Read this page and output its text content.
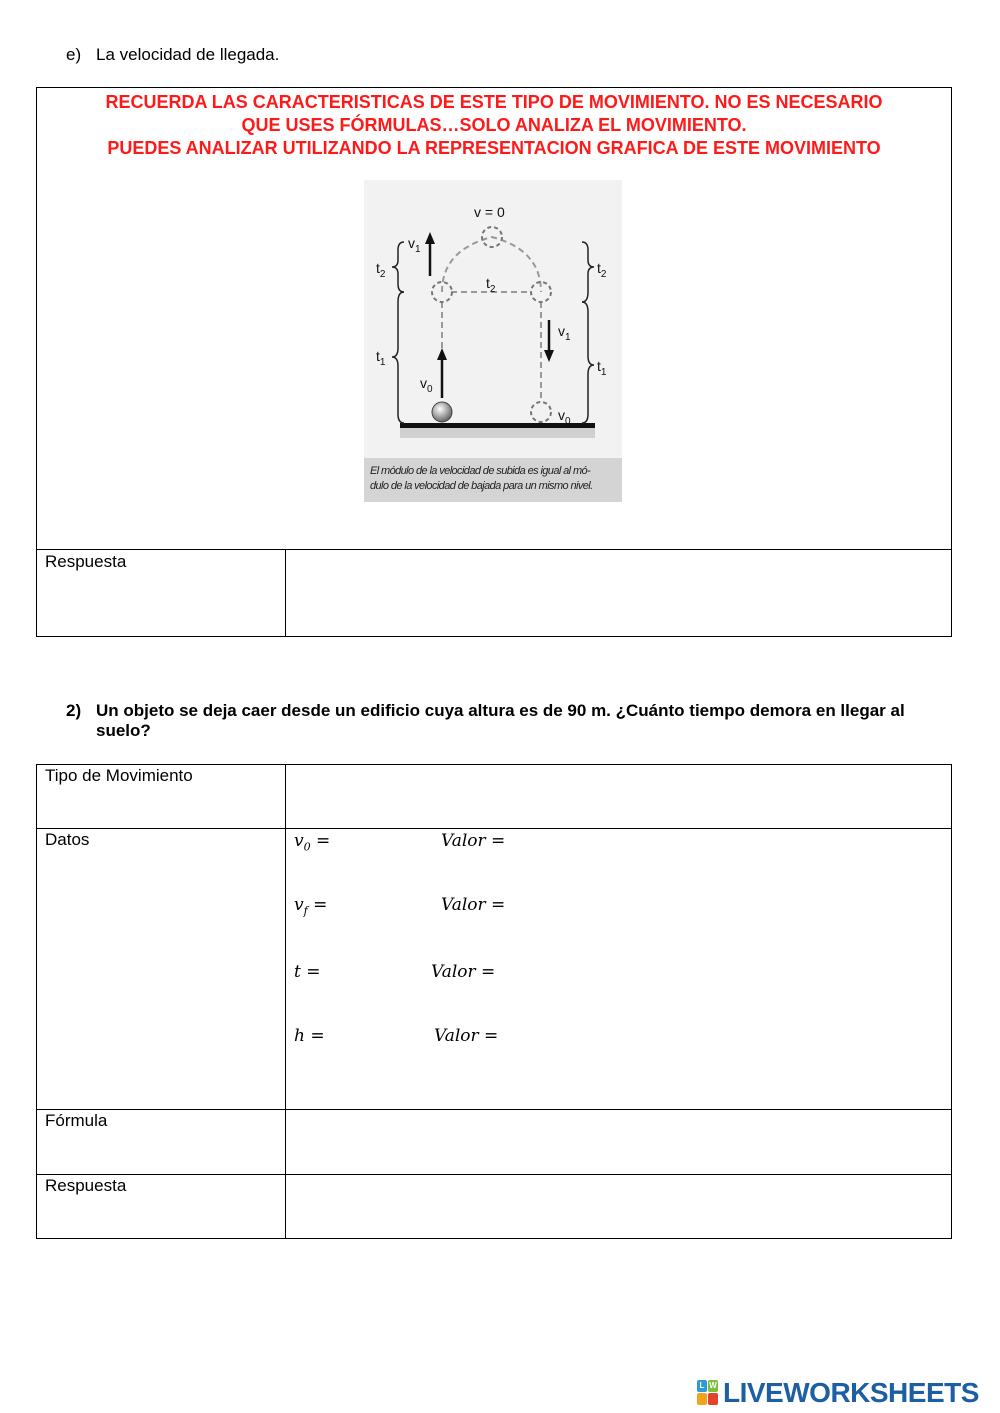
e) La velocidad de llegada.
RECUERDA LAS CARACTERISTICAS DE ESTE TIPO DE MOVIMIENTO. NO ES NECESARIO
QUE USES FÓRMULAS…SOLO ANALIZA EL MOVIMIENTO.
PUEDES ANALIZAR UTILIZANDO LA REPRESENTACION GRAFICA DE ESTE MOVIMIENTO
v = 0
$t_2$
$t_1$
$t_2$
$t_1$
$t_2$
$v_1$
$v_1$
$v_0$
$v_0$
El módulo de la velocidad de subida es igual al mó-
dulo de la velocidad de bajada para un mismo nivel.
Respuesta
2) Un objeto se deja caer desde un edificio cuya altura es de 90 m. ¿Cuánto tiempo demora en llegar al suelo?
Tipo de Movimiento
Datos	$v_0$ =	Valor =
$v_f$ =	Valor =
t =	Valor =
h =	Valor =
Fórmula
Respuesta
L W LIVEWORKSHEETS
